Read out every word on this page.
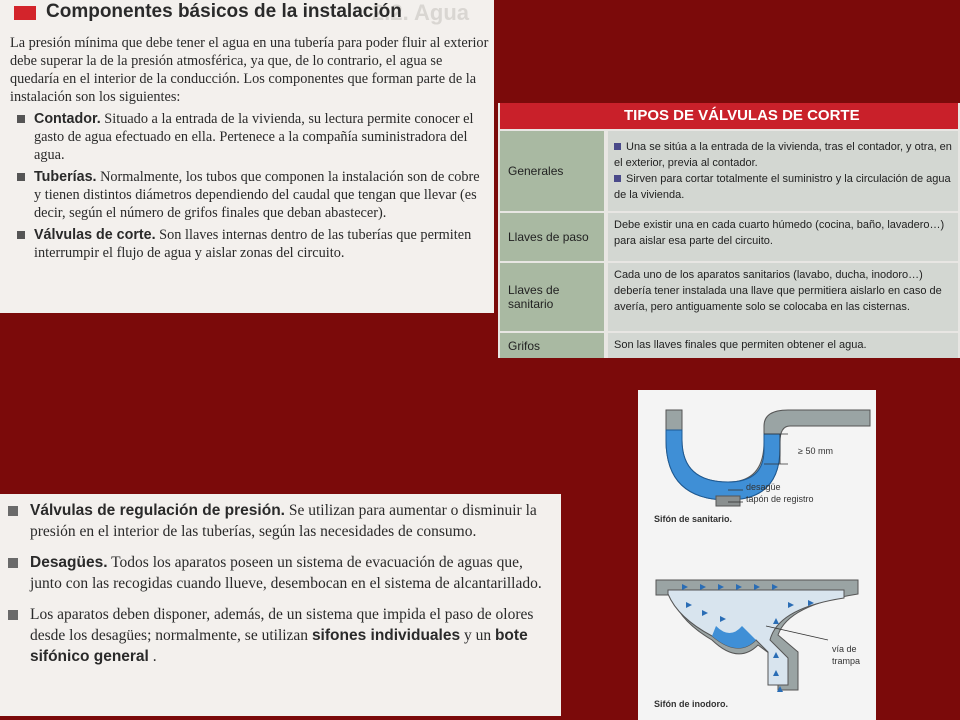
2.2. Agua
Componentes básicos de la instalación

La presión mínima que debe tener el agua en una tubería para poder fluir al exterior debe superar la de la presión atmosférica, ya que, de lo contrario, el agua se quedaría en el interior de la conducción. Los componentes que forman parte de la instalación son los siguientes:

Contador. Situado a la entrada de la vivienda, su lectura permite conocer el gasto de agua efectuado en ella. Pertenece a la compañía suministradora del agua.
Tuberías. Normalmente, los tubos que componen la instalación son de cobre y tienen distintos diámetros dependiendo del caudal que tengan que llevar (es decir, según el número de grifos finales que deban abastecer).
Válvulas de corte. Son llaves internas dentro de las tuberías que permiten interrumpir el flujo de agua y aislar zonas del circuito.
TIPOS DE VÁLVULAS DE CORTE
Generales
Una se sitúa a la entrada de la vivienda, tras el contador, y otra, en el exterior, previa al contador.
Sirven para cortar totalmente el suministro y la circulación de agua de la vivienda.
Llaves de paso
Debe existir una en cada cuarto húmedo (cocina, baño, lavadero…) para aislar esa parte del circuito.
Llaves de sanitario
Cada uno de los aparatos sanitarios (lavabo, ducha, inodoro…) debería tener instalada una llave que permitiera aislarlo en caso de avería, pero antiguamente solo se colocaba en las cisternas.
Grifos	Son las llaves finales que permiten obtener el agua.
≥ 50 mm
desagüe
tapón de registro
Sifón de sanitario.
vía de
trampa
Sifón de inodoro.
Válvulas de regulación de presión. Se utilizan para aumentar o disminuir la presión en el interior de las tuberías, según las necesidades de consumo.
Desagües. Todos los aparatos poseen un sistema de evacuación de aguas que, junto con las recogidas cuando llueve, desembocan en el sistema de alcantarillado.
Los aparatos deben disponer, además, de un sistema que impida el paso de olores desde los desagües; normalmente, se utilizan sifones individuales y un bote sifónico general .
